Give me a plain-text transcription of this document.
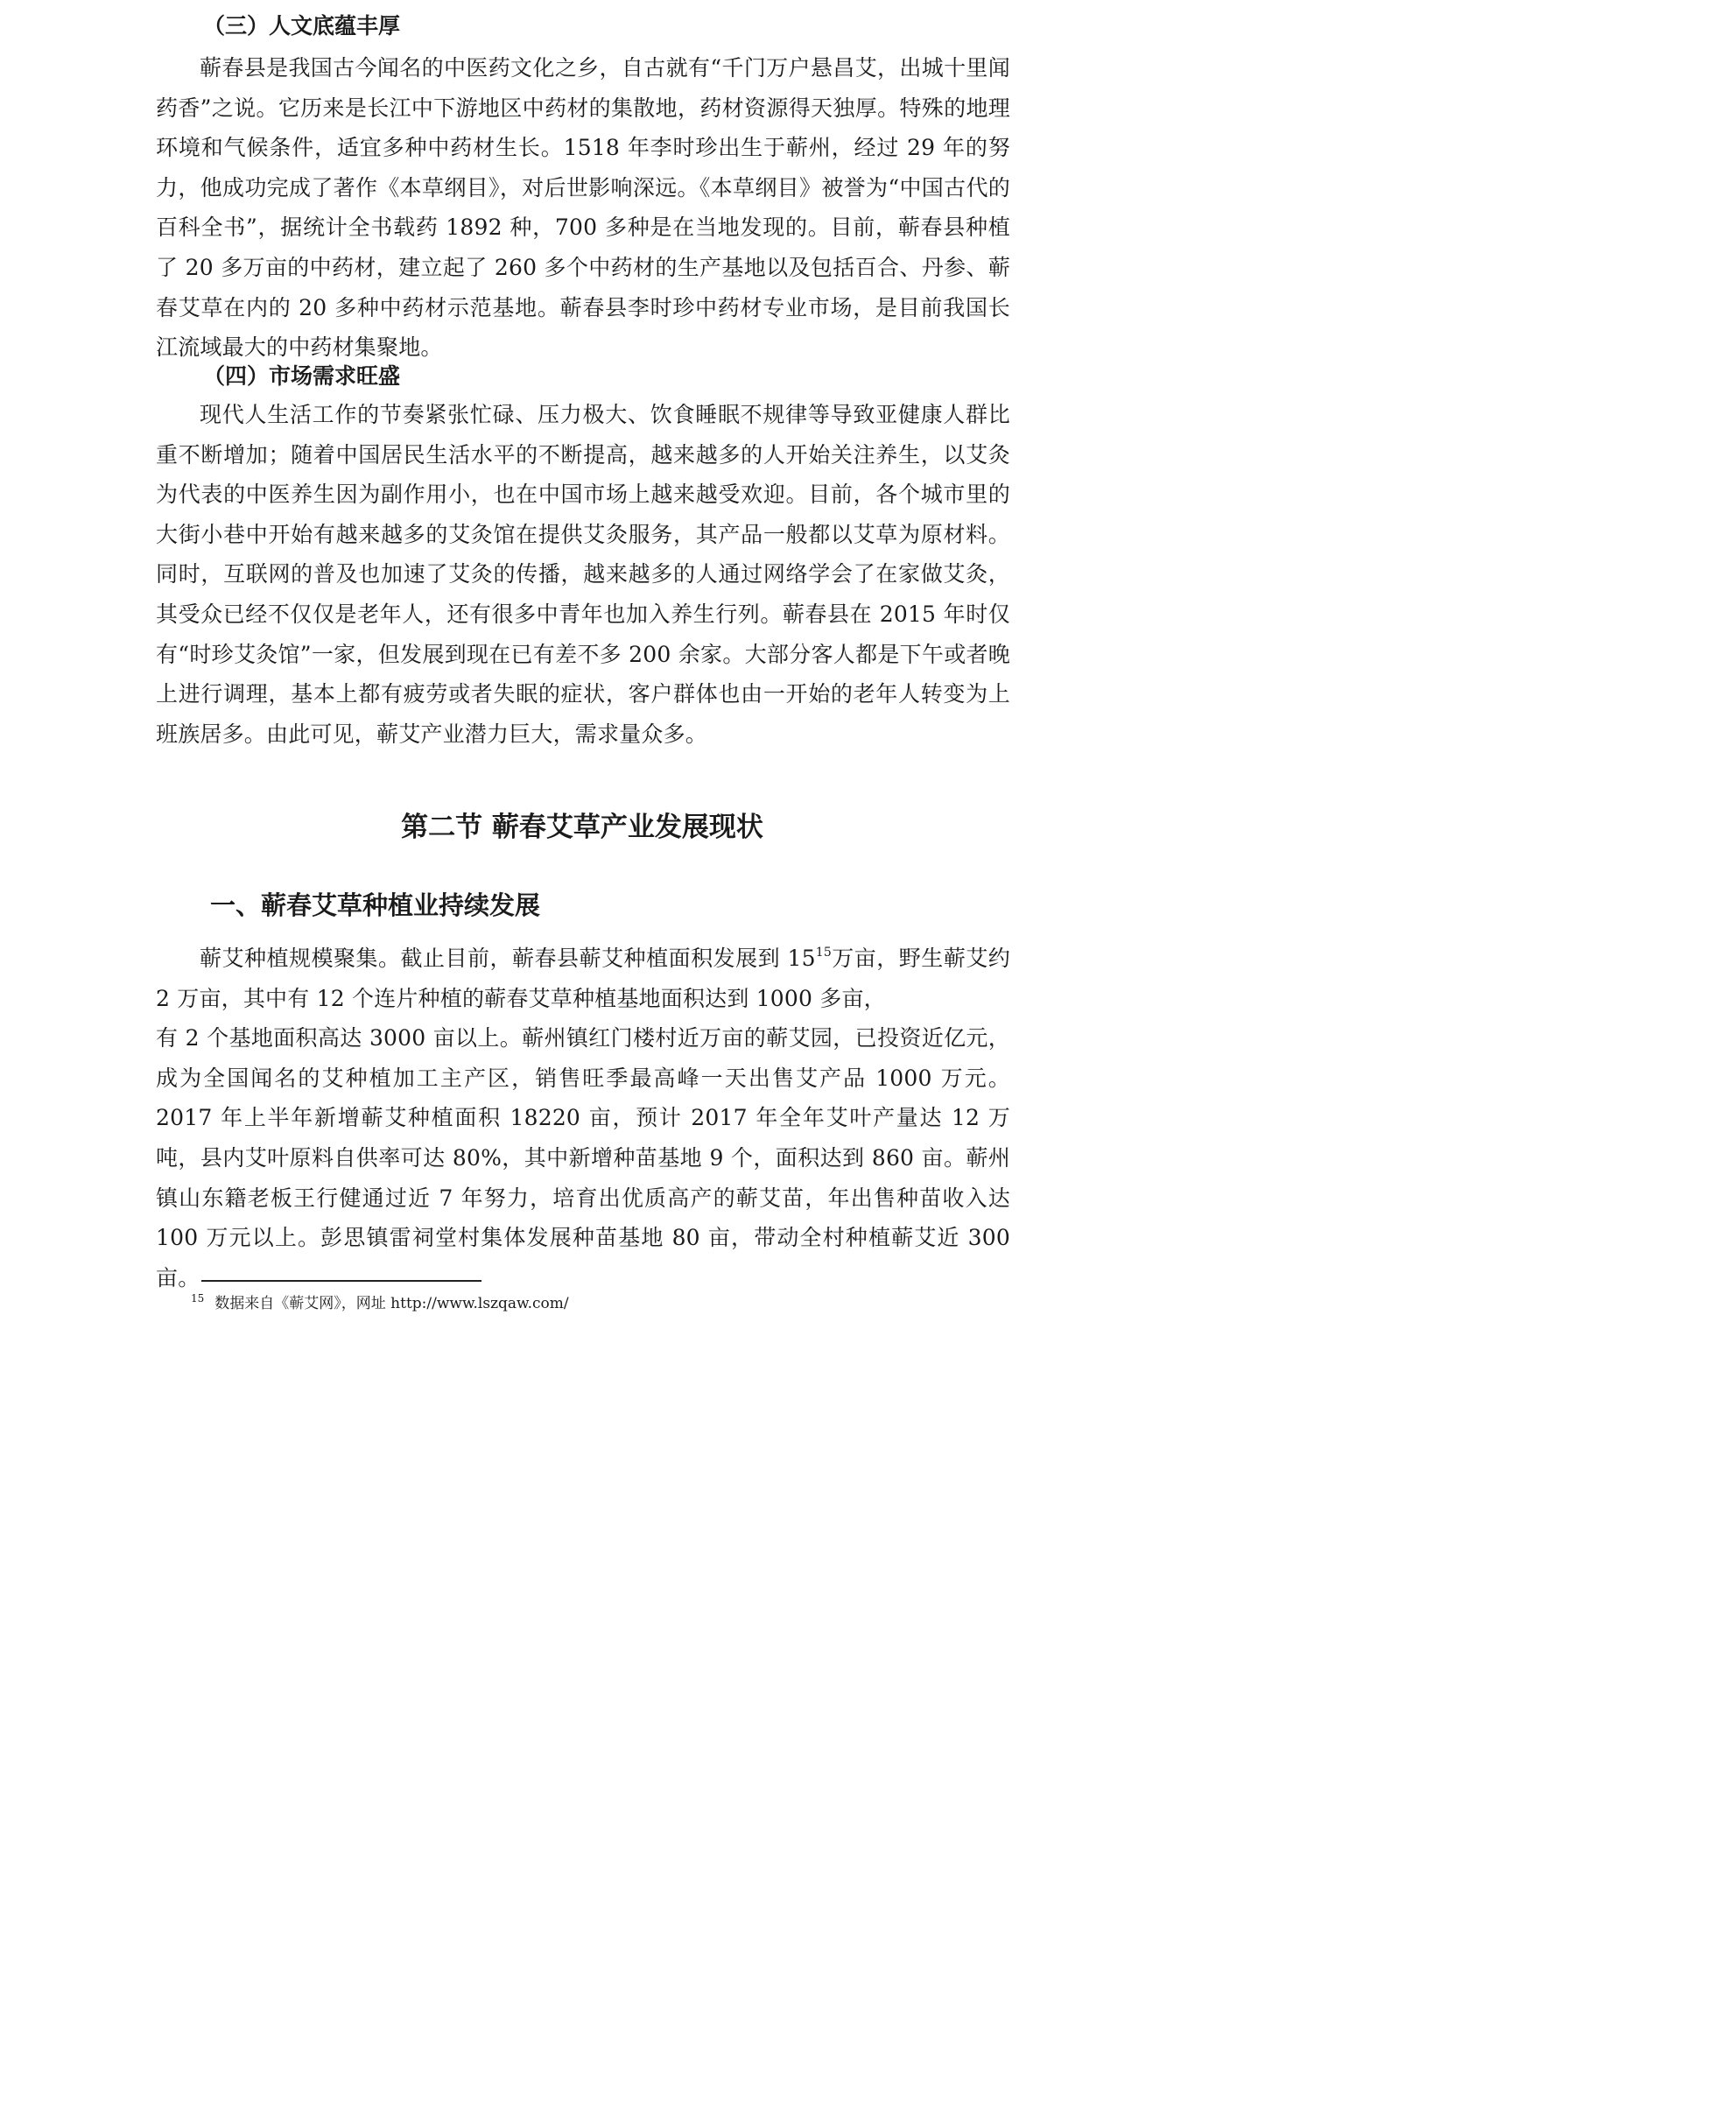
（三）人文底蕴丰厚

蕲春县是我国古今闻名的中医药文化之乡，自古就有“千门万户悬昌艾，出城十里闻药香”之说。它历来是长江中下游地区中药材的集散地，药材资源得天独厚。特殊的地理环境和气候条件，适宜多种中药材生长。1518 年李时珍出生于蕲州，经过 29 年的努力，他成功完成了著作《本草纲目》，对后世影响深远。《本草纲目》被誉为“中国古代的百科全书”，据统计全书载药 1892 种，700 多种是在当地发现的。目前，蕲春县种植了 20 多万亩的中药材，建立起了 260 多个中药材的生产基地以及包括百合、丹参、蕲春艾草在内的 20 多种中药材示范基地。蕲春县李时珍中药材专业市场，是目前我国长江流域最大的中药材集聚地。

（四）市场需求旺盛

现代人生活工作的节奏紧张忙碌、压力极大、饮食睡眠不规律等导致亚健康人群比重不断增加；随着中国居民生活水平的不断提高，越来越多的人开始关注养生，以艾灸为代表的中医养生因为副作用小，也在中国市场上越来越受欢迎。目前，各个城市里的大街小巷中开始有越来越多的艾灸馆在提供艾灸服务，其产品一般都以艾草为原材料。同时，互联网的普及也加速了艾灸的传播，越来越多的人通过网络学会了在家做艾灸，其受众已经不仅仅是老年人，还有很多中青年也加入养生行列。蕲春县在 2015 年时仅有“时珍艾灸馆”一家，但发展到现在已有差不多 200 余家。大部分客人都是下午或者晚上进行调理，基本上都有疲劳或者失眠的症状，客户群体也由一开始的老年人转变为上班族居多。由此可见，蕲艾产业潜力巨大，需求量众多。

第二节 蕲春艾草产业发展现状
一、蕲春艾草种植业持续发展

蕲艾种植规模聚集。截止目前，蕲春县蕲艾种植面积发展到 15$^{15}$万亩，野生蕲艾约 2 万亩，其中有 12 个连片种植的蕲春艾草种植基地面积达到 1000 多亩，

有 2 个基地面积高达 3000 亩以上。蕲州镇红门楼村近万亩的蕲艾园，已投资近亿元，成为全国闻名的艾种植加工主产区，销售旺季最高峰一天出售艾产品 1000 万元。2017 年上半年新增蕲艾种植面积 18220 亩，预计 2017 年全年艾叶产量达 12 万吨，县内艾叶原料自供率可达 80%，其中新增种苗基地 9 个，面积达到 860 亩。蕲州镇山东籍老板王行健通过近 7 年努力，培育出优质高产的蕲艾苗，年出售种苗收入达 100 万元以上。彭思镇雷祠堂村集体发展种苗基地 80 亩，带动全村种植蕲艾近 300 亩。

$^{15}$ 数据来自《蕲艾网》，网址 http://www.lszqaw.com/
